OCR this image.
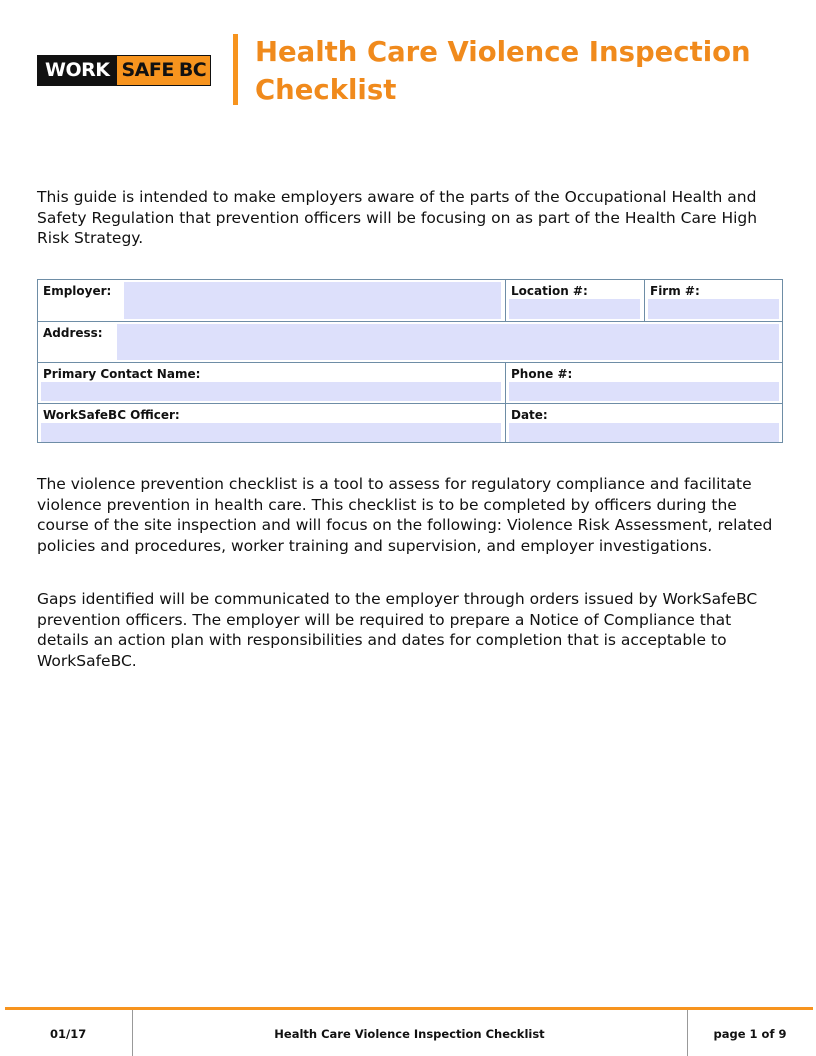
WORK SAFE BC
Health Care Violence Inspection Checklist

This guide is intended to make employers aware of the parts of the Occupational Health and Safety Regulation that prevention officers will be focusing on as part of the Health Care High Risk Strategy.

Employer:	Location #:	Firm #:
Address:
Primary Contact Name:	Phone #:
WorkSafeBC Officer:	Date:

The violence prevention checklist is a tool to assess for regulatory compliance and facilitate violence prevention in health care. This checklist is to be completed by officers during the course of the site inspection and will focus on the following: Violence Risk Assessment, related policies and procedures, worker training and supervision, and employer investigations.

Gaps identified will be communicated to the employer through orders issued by WorkSafeBC prevention officers. The employer will be required to prepare a Notice of Compliance that details an action plan with responsibilities and dates for completion that is acceptable to WorkSafeBC.

01/17	Health Care Violence Inspection Checklist	page 1 of 9
